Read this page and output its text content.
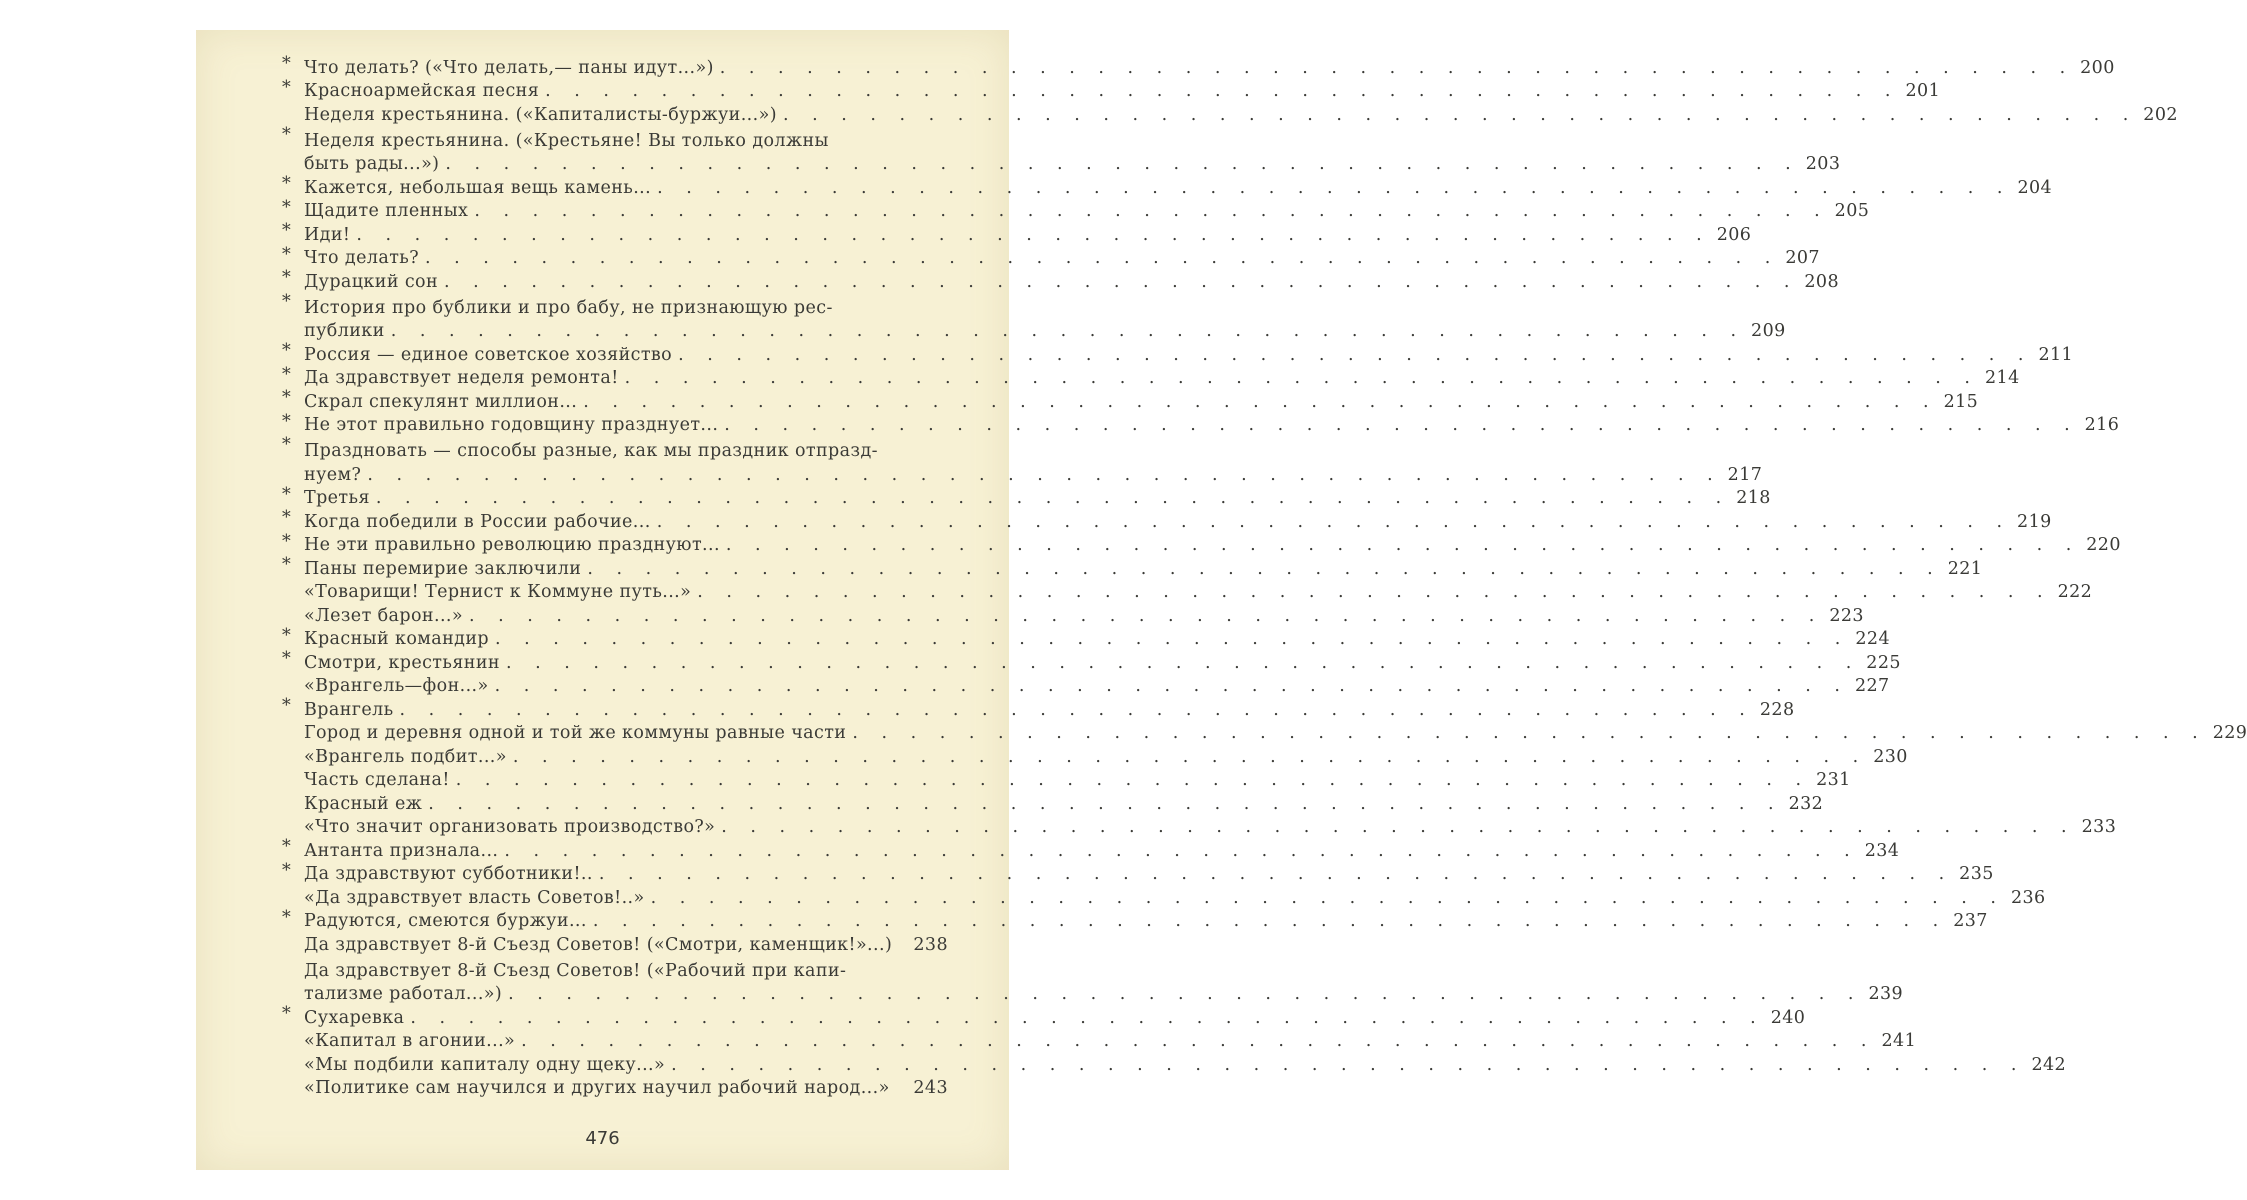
* Что делать? («Что делать,— паны идут...») . . . . . . . . . . . . . . . . . . . . . . . . . . . . . . . . . . . . . . . . . . . . . . . 200
* Красноармейская песня . . . . . . . . . . . . . . . . . . . . . . . . . . . . . . . . . . . . . . . . . . . . . . . 201
Неделя крестьянина. («Капиталисты-буржуи...») . . . . . . . . . . . . . . . . . . . . . . . . . . . . . . . . . . . . . . . . . . . . . . . 202
* Неделя крестьянина. («Крестьяне! Вы только должны
быть рады...») . . . . . . . . . . . . . . . . . . . . . . . . . . . . . . . . . . . . . . . . . . . . . . . 203
* Кажется, небольшая вещь камень... . . . . . . . . . . . . . . . . . . . . . . . . . . . . . . . . . . . . . . . . . . . . . . . 204
* Щадите пленных . . . . . . . . . . . . . . . . . . . . . . . . . . . . . . . . . . . . . . . . . . . . . . . 205
* Иди! . . . . . . . . . . . . . . . . . . . . . . . . . . . . . . . . . . . . . . . . . . . . . . . 206
* Что делать? . . . . . . . . . . . . . . . . . . . . . . . . . . . . . . . . . . . . . . . . . . . . . . . 207
* Дурацкий сон . . . . . . . . . . . . . . . . . . . . . . . . . . . . . . . . . . . . . . . . . . . . . . . 208
* История про бублики и про бабу, не признающую рес-
публики . . . . . . . . . . . . . . . . . . . . . . . . . . . . . . . . . . . . . . . . . . . . . . . 209
* Россия — единое советское хозяйство . . . . . . . . . . . . . . . . . . . . . . . . . . . . . . . . . . . . . . . . . . . . . . . 211
* Да здравствует неделя ремонта! . . . . . . . . . . . . . . . . . . . . . . . . . . . . . . . . . . . . . . . . . . . . . . . 214
* Скрал спекулянт миллион... . . . . . . . . . . . . . . . . . . . . . . . . . . . . . . . . . . . . . . . . . . . . . . . 215
* Не этот правильно годовщину празднует... . . . . . . . . . . . . . . . . . . . . . . . . . . . . . . . . . . . . . . . . . . . . . . . 216
* Праздновать — способы разные, как мы праздник отпразд-
нуем? . . . . . . . . . . . . . . . . . . . . . . . . . . . . . . . . . . . . . . . . . . . . . . . 217
* Третья . . . . . . . . . . . . . . . . . . . . . . . . . . . . . . . . . . . . . . . . . . . . . . . 218
* Когда победили в России рабочие... . . . . . . . . . . . . . . . . . . . . . . . . . . . . . . . . . . . . . . . . . . . . . . . 219
* Не эти правильно революцию празднуют... . . . . . . . . . . . . . . . . . . . . . . . . . . . . . . . . . . . . . . . . . . . . . . . 220
* Паны перемирие заключили . . . . . . . . . . . . . . . . . . . . . . . . . . . . . . . . . . . . . . . . . . . . . . . 221
«Товарищи! Тернист к Коммуне путь...» . . . . . . . . . . . . . . . . . . . . . . . . . . . . . . . . . . . . . . . . . . . . . . . 222
«Лезет барон...» . . . . . . . . . . . . . . . . . . . . . . . . . . . . . . . . . . . . . . . . . . . . . . . 223
* Красный командир . . . . . . . . . . . . . . . . . . . . . . . . . . . . . . . . . . . . . . . . . . . . . . . 224
* Смотри, крестьянин . . . . . . . . . . . . . . . . . . . . . . . . . . . . . . . . . . . . . . . . . . . . . . . 225
«Врангель—фон...» . . . . . . . . . . . . . . . . . . . . . . . . . . . . . . . . . . . . . . . . . . . . . . . 227
* Врангель . . . . . . . . . . . . . . . . . . . . . . . . . . . . . . . . . . . . . . . . . . . . . . . 228
Город и деревня одной и той же коммуны равные части . . . . . . . . . . . . . . . . . . . . . . . . . . . . . . . . . . . . . . . . . . . . . . . 229
«Врангель подбит...» . . . . . . . . . . . . . . . . . . . . . . . . . . . . . . . . . . . . . . . . . . . . . . . 230
Часть сделана! . . . . . . . . . . . . . . . . . . . . . . . . . . . . . . . . . . . . . . . . . . . . . . . 231
Красный еж . . . . . . . . . . . . . . . . . . . . . . . . . . . . . . . . . . . . . . . . . . . . . . . 232
«Что значит организовать производство?» . . . . . . . . . . . . . . . . . . . . . . . . . . . . . . . . . . . . . . . . . . . . . . . 233
* Антанта признала... . . . . . . . . . . . . . . . . . . . . . . . . . . . . . . . . . . . . . . . . . . . . . . . 234
* Да здравствуют субботники!.. . . . . . . . . . . . . . . . . . . . . . . . . . . . . . . . . . . . . . . . . . . . . . . . 235
«Да здравствует власть Советов!..» . . . . . . . . . . . . . . . . . . . . . . . . . . . . . . . . . . . . . . . . . . . . . . . 236
* Радуются, смеются буржуи... . . . . . . . . . . . . . . . . . . . . . . . . . . . . . . . . . . . . . . . . . . . . . . . 237
Да здравствует 8-й Съезд Советов! («Смотри, каменщик!»...)	238
Да здравствует 8-й Съезд Советов! («Рабочий при капи-
тализме работал...») . . . . . . . . . . . . . . . . . . . . . . . . . . . . . . . . . . . . . . . . . . . . . . . 239
* Сухаревка . . . . . . . . . . . . . . . . . . . . . . . . . . . . . . . . . . . . . . . . . . . . . . . 240
«Капитал в агонии...» . . . . . . . . . . . . . . . . . . . . . . . . . . . . . . . . . . . . . . . . . . . . . . . 241
«Мы подбили капиталу одну щеку...» . . . . . . . . . . . . . . . . . . . . . . . . . . . . . . . . . . . . . . . . . . . . . . . 242
«Политике сам научился и других научил рабочий народ...»	243
476
